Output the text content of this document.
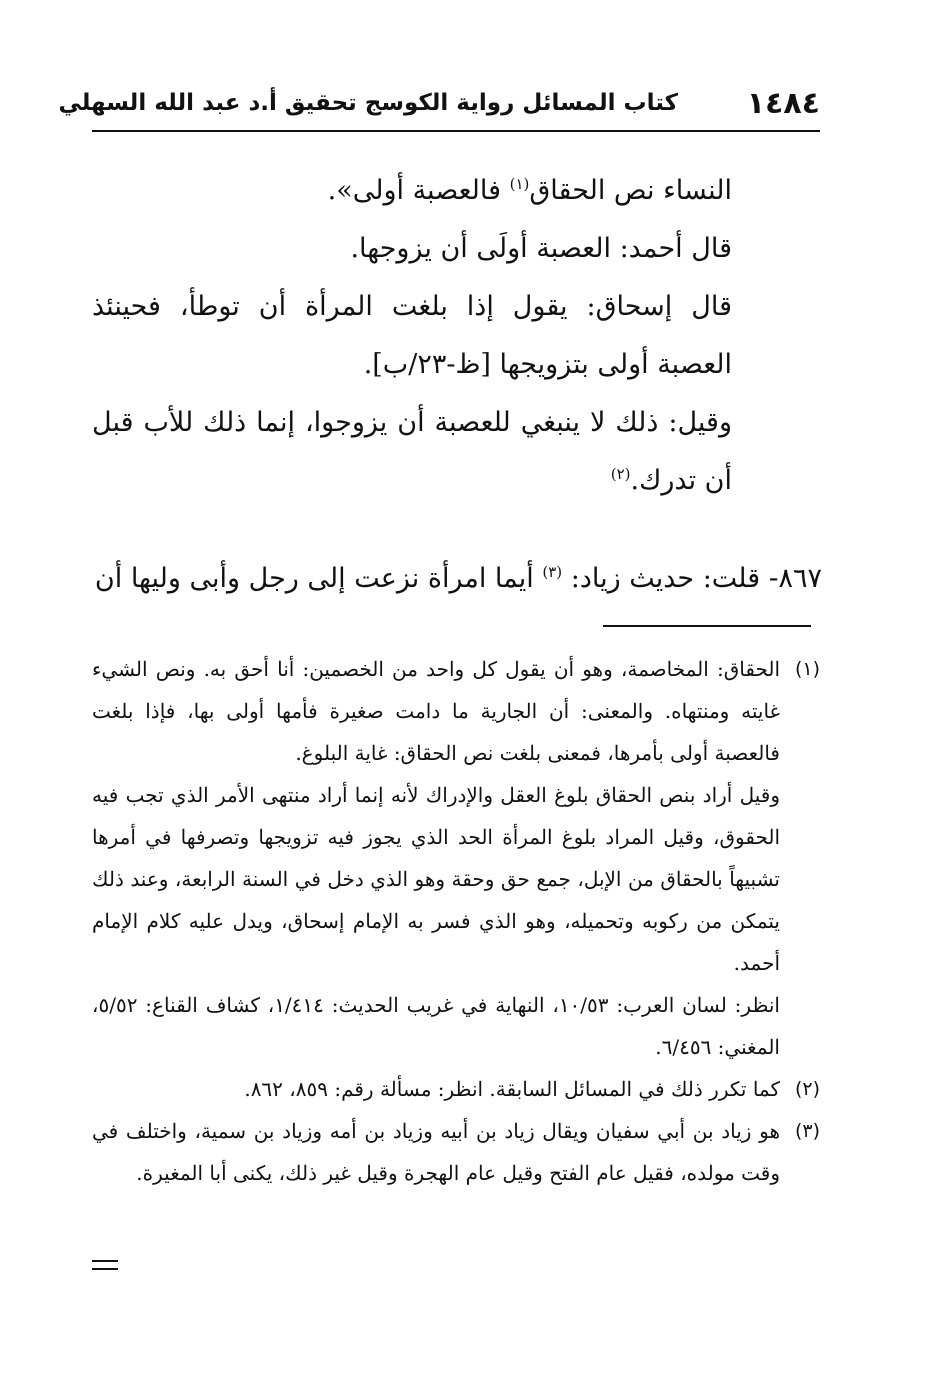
١٤٨٤
كتاب المسائل رواية الكوسج تحقيق أ.د عبد الله السهلي

النساء نص الحقاق$^{(١)}$ فالعصبة أولى».

قال أحمد: العصبة أولَى أن يزوجها.

قال إسحاق: يقول إذا بلغت المرأة أن توطأ، فحينئذ العصبة أولى بتزويجها [ظ-٢٣/ب].

وقيل: ذلك لا ينبغي للعصبة أن يزوجوا، إنما ذلك للأب قبل أن تدرك.$^{(٢)}$

٨٦٧- قلت: حديث زياد: $^{(٣)}$ أيما امرأة نزعت إلى رجل وأبى وليها أن
(١)

الحقاق: المخاصمة، وهو أن يقول كل واحد من الخصمين: أنا أحق به. ونص الشيء غايته ومنتهاه. والمعنى: أن الجارية ما دامت صغيرة فأمها أولى بها، فإذا بلغت فالعصبة أولى بأمرها، فمعنى بلغت نص الحقاق: غاية البلوغ.

وقيل أراد بنص الحقاق بلوغ العقل والإدراك لأنه إنما أراد منتهى الأمر الذي تجب فيه الحقوق، وقيل المراد بلوغ المرأة الحد الذي يجوز فيه تزويجها وتصرفها في أمرها تشبيهاً بالحقاق من الإبل، جمع حق وحقة وهو الذي دخل في السنة الرابعة، وعند ذلك يتمكن من ركوبه وتحميله، وهو الذي فسر به الإمام إسحاق، ويدل عليه كلام الإمام أحمد.

انظر: لسان العرب: ١٠/٥٣، النهاية في غريب الحديث: ١/٤١٤، كشاف القناع: ٥/٥٢، المغني: ٦/٤٥٦.

(٢)

كما تكرر ذلك في المسائل السابقة. انظر: مسألة رقم: ٨٥٩، ٨٦٢.

(٣)

هو زياد بن أبي سفيان ويقال زياد بن أبيه وزياد بن أمه وزياد بن سمية، واختلف في وقت مولده، فقيل عام الفتح وقيل عام الهجرة وقيل غير ذلك، يكنى أبا المغيرة.
